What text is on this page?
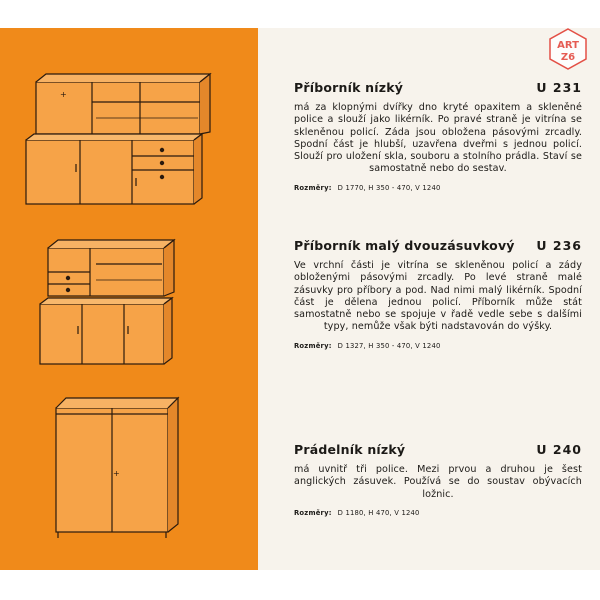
+
+
Příborník nízký	U 231

má za klopnými dvířky dno kryté opaxitem a skleněné police a slouží jako likérník. Po pravé straně je vitrína se skleněnou policí. Záda jsou obložena pásovými zrcadly. Spodní část je hlubší, uzavřena dveřmi s jednou policí. Slouží pro uložení skla, souboru a stolního prádla. Staví se samostatně nebo do sestav.

Rozměry: D 1770, H 350 - 470, V 1240
Příborník malý dvouzásuvkový U 236

Ve vrchní části je vitrína se skleněnou policí a zády obloženými pásovými zrcadly. Po levé straně malé zásuvky pro příbory a pod. Nad nimi malý likérník. Spodní část je dělena jednou policí. Příborník může stát samostatně nebo se spojuje v řadě vedle sebe s dalšími typy, nemůže však býti nadstavován do výšky.

Rozměry: D 1327, H 350 - 470, V 1240
Prádelník nízký	U 240

má uvnitř tři police. Mezi prvou a druhou je šest anglických zásuvek. Používá se do soustav obývacích ložnic.

Rozměry: D 1180, H 470, V 1240
ART
Z6
